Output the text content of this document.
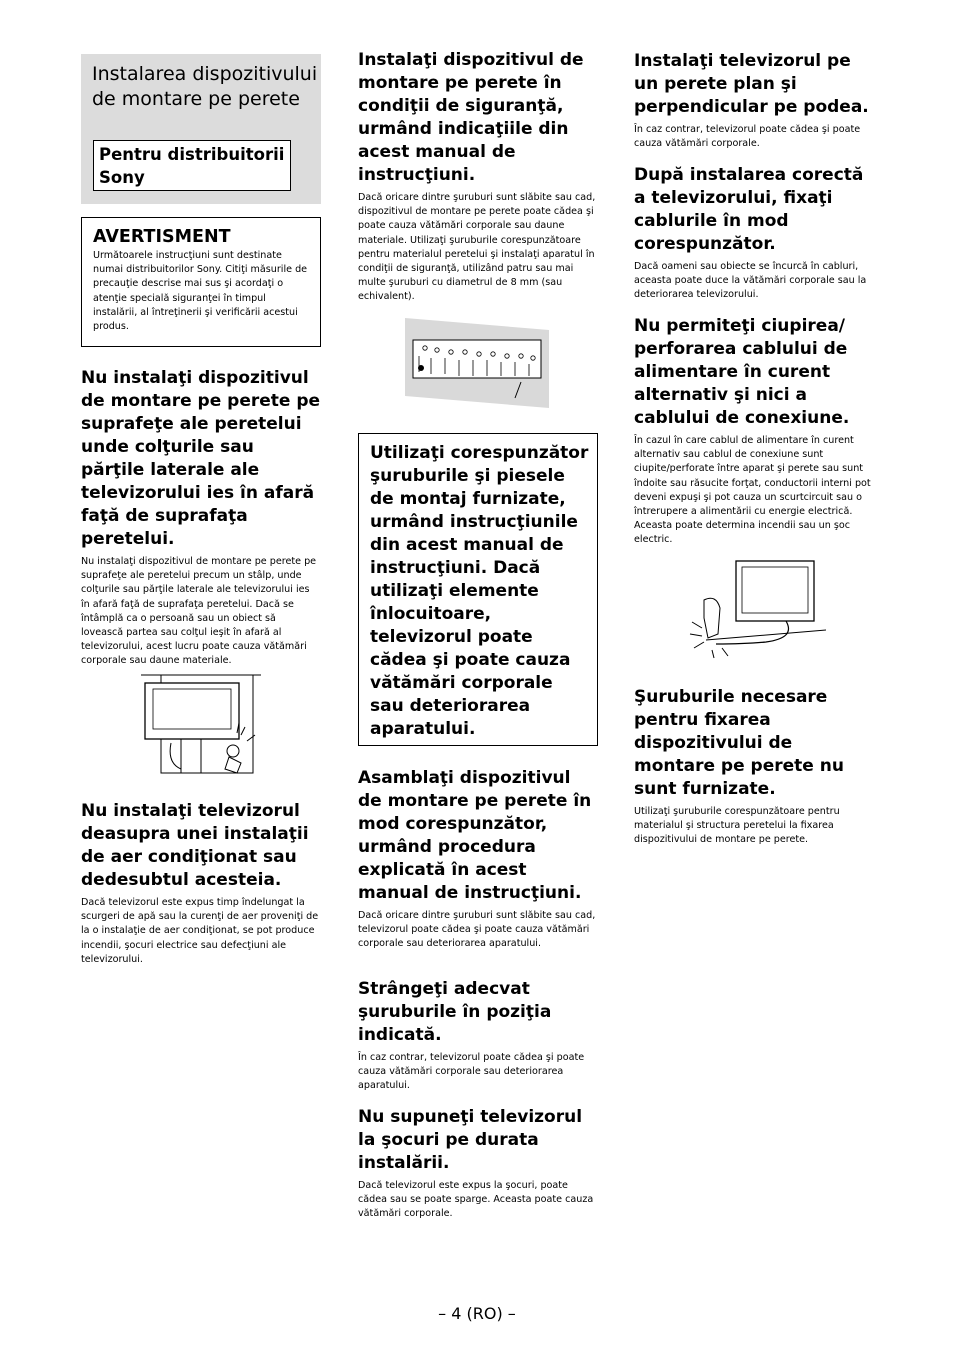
Instalarea dispozitivului de montare pe perete
Pentru distribuitorii Sony
AVERTISMENT

Următoarele instrucţiuni sunt destinate numai distribuitorilor Sony. Citiţi măsurile de precauţie descrise mai sus şi acordaţi o atenţie specială siguranţei în timpul instalării, al întreţinerii şi verificării acestui produs.

Nu instalaţi dispozitivul de montare pe perete pe suprafeţe ale peretelui unde colţurile sau părţile laterale ale televizorului ies în afară faţă de suprafaţa peretelui.

Nu instalaţi dispozitivul de montare pe perete pe suprafeţe ale peretelui precum un stâlp, unde colţurile sau părţile laterale ale televizorului ies în afară faţă de suprafaţa peretelui. Dacă se întâmplă ca o persoană sau un obiect să lovească partea sau colţul ieşit în afară al televizorului, acest lucru poate cauza vătămări corporale sau daune materiale.

Nu instalaţi televizorul deasupra unei instalaţii de aer condiţionat sau dedesubtul acesteia.

Dacă televizorul este expus timp îndelungat la scurgeri de apă sau la curenţi de aer proveniţi de la o instalaţie de aer condiţionat, se pot produce incendii, şocuri electrice sau defecţiuni ale televizorului.

Instalaţi dispozitivul de montare pe perete în condiţii de siguranţă, urmând indicaţiile din acest manual de instrucţiuni.

Dacă oricare dintre şuruburi sunt slăbite sau cad, dispozitivul de montare pe perete poate cădea şi poate cauza vătămări corporale sau daune materiale. Utilizaţi şuruburile corespunzătoare pentru materialul peretelui şi instalaţi aparatul în condiţii de siguranţă, utilizând patru sau mai multe şuruburi cu diametrul de 8 mm (sau echivalent).

Utilizaţi corespunzător şuruburile şi piesele de montaj furnizate, urmând instrucţiunile din acest manual de instrucţiuni. Dacă utilizaţi elemente înlocuitoare, televizorul poate cădea şi poate cauza vătămări corporale sau deteriorarea aparatului.
Asamblaţi dispozitivul de montare pe perete în mod corespunzător, urmând procedura explicată în acest manual de instrucţiuni.

Dacă oricare dintre şuruburi sunt slăbite sau cad, televizorul poate cădea şi poate cauza vătămări corporale sau deteriorarea aparatului.

Strângeţi adecvat şuruburile în poziţia indicată.

În caz contrar, televizorul poate cădea şi poate cauza vătămări corporale sau deteriorarea aparatului.

Nu supuneţi televizorul la şocuri pe durata instalării.

Dacă televizorul este expus la şocuri, poate cădea sau se poate sparge. Aceasta poate cauza vătămări corporale.

Instalaţi televizorul pe un perete plan şi perpendicular pe podea.

În caz contrar, televizorul poate cădea şi poate cauza vătămări corporale.

După instalarea corectă a televizorului, fixaţi cablurile în mod corespunzător.

Dacă oameni sau obiecte se încurcă în cabluri, aceasta poate duce la vătămări corporale sau la deteriorarea televizorului.

Nu permiteţi ciupirea/ perforarea cablului de alimentare în curent alternativ şi nici a cablului de conexiune.

În cazul în care cablul de alimentare în curent alternativ sau cablul de conexiune sunt ciupite/perforate între aparat şi perete sau sunt îndoite sau răsucite forţat, conductorii interni pot deveni expuşi şi pot cauza un scurtcircuit sau o întrerupere a alimentării cu energie electrică. Aceasta poate determina incendii sau un şoc electric.

Şuruburile necesare pentru fixarea dispozitivului de montare pe perete nu sunt furnizate.

Utilizaţi şuruburile corespunzătoare pentru materialul şi structura peretelui la fixarea dispozitivului de montare pe perete.

– 4 (RO) –
